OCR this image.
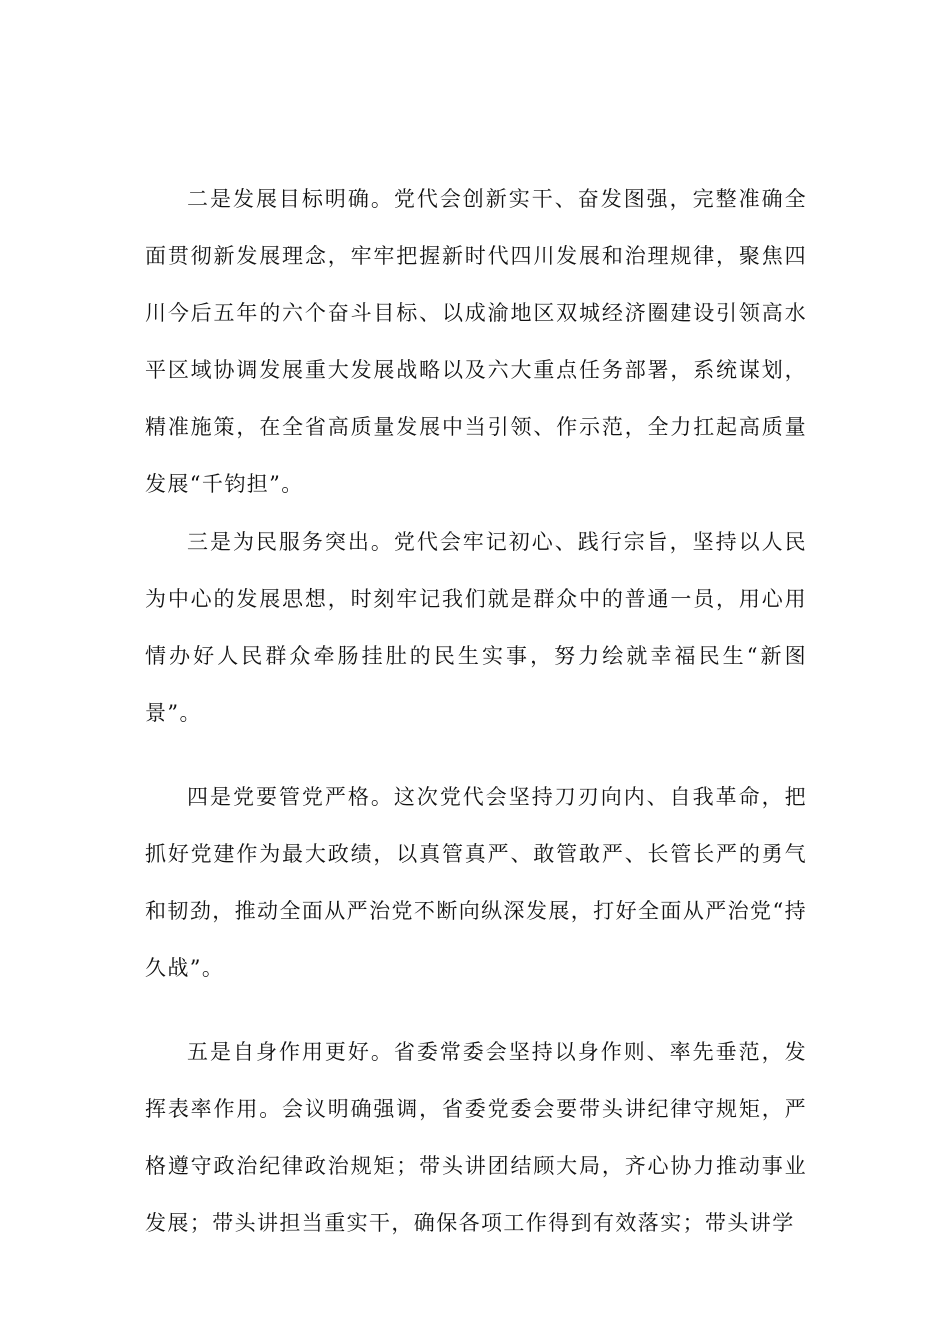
二是发展目标明确。党代会创新实干、奋发图强，完整准确全面贯彻新发展理念，牢牢把握新时代四川发展和治理规律，聚焦四川今后五年的六个奋斗目标、以成渝地区双城经济圈建设引领高水平区域协调发展重大发展战略以及六大重点任务部署，系统谋划，精准施策，在全省高质量发展中当引领、作示范，全力扛起高质量发展“千钧担”。

三是为民服务突出。党代会牢记初心、践行宗旨，坚持以人民为中心的发展思想，时刻牢记我们就是群众中的普通一员，用心用情办好人民群众牵肠挂肚的民生实事，努力绘就幸福民生“新图景”。

四是党要管党严格。这次党代会坚持刀刃向内、自我革命，把抓好党建作为最大政绩，以真管真严、敢管敢严、长管长严的勇气和韧劲，推动全面从严治党不断向纵深发展，打好全面从严治党“持久战”。

五是自身作用更好。省委常委会坚持以身作则、率先垂范，发挥表率作用。会议明确强调，省委党委会要带头讲纪律守规矩，严格遵守政治纪律政治规矩；带头讲团结顾大局，齐心协力推动事业发展；带头讲担当重实干，确保各项工作得到有效落实；带头讲学
